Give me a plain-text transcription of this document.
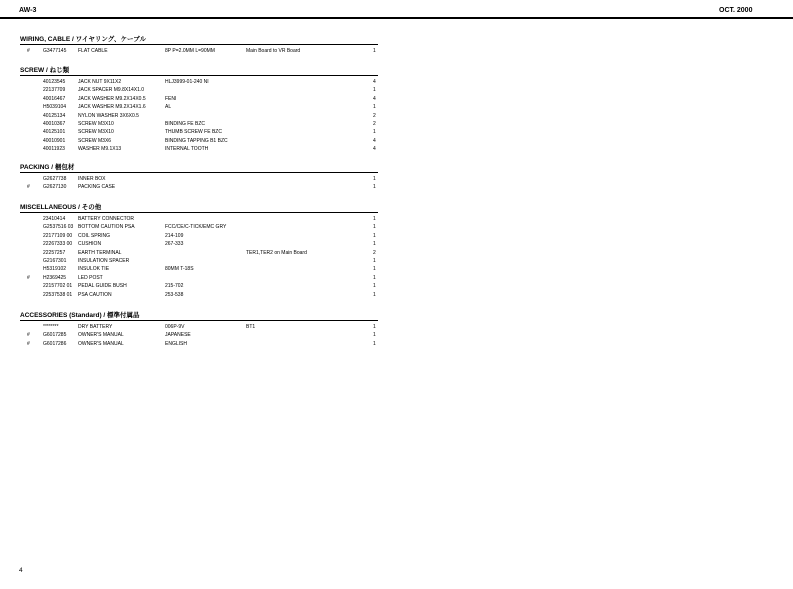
AW-3	OCT. 2000
WIRING, CABLE / ワイヤリング、ケーブル
#	G3477145 FLAT CABLE	8P P=2.0MM L=90MM	Main Board to VR Board	1
SCREW / ねじ類
40123545	JACK NUT 9X11X2	HLJ3999-01-240 NI	4
22137709	JACK SPACER M9.8X14X1.0	1
40016467	JACK WASHER M9.2X14X0.5	FENI	4
H5039104 JACK WASHER M9.2X14X1.6	AL	1
40125134	NYLON WASHER 3X6X0.5	2
40010367	SCREW M3X10	BINDING FE BZC	2
40125101	SCREW M3X10	THUMB SCREW FE BZC	1
40010901	SCREW M3X6	BINDING TAPPING B1 BZC	4
40011923	WASHER M9.1X13	INTERNAL TOOTH	4
PACKING / 梱包材
G2627738 INNER BOX	1
#	G2627130 PACKING CASE	1
MISCELLANEOUS / その他
23410414	BATTERY CONNECTOR	1
G2537516 03 BOTTOM CAUTION PSA	FCC/CE/C-TICK/EMC GRY	1
22177109 00 COIL SPRING	214-109	1
22267333 00 CUSHION	267-333	1
22257257	EARTH TERMINAL	TER1,TER2 on Main Board	2
G2167301 INSULATION SPACER	1
H5319102 INSULOK TIE	80MM T-18S	1
#	H2369425 LED POST	1
22157702 01 PEDAL GUIDE BUSH	215-702	1
22537538 01 PSA CAUTION	253-538	1
ACCESSORIES (Standard) / 標準付属品
********	DRY BATTERY	006P-9V	BT1	1
#	G6017285 OWNER'S MANUAL	JAPANESE	1
#	G6017286 OWNER'S MANUAL	ENGLISH	1
4
